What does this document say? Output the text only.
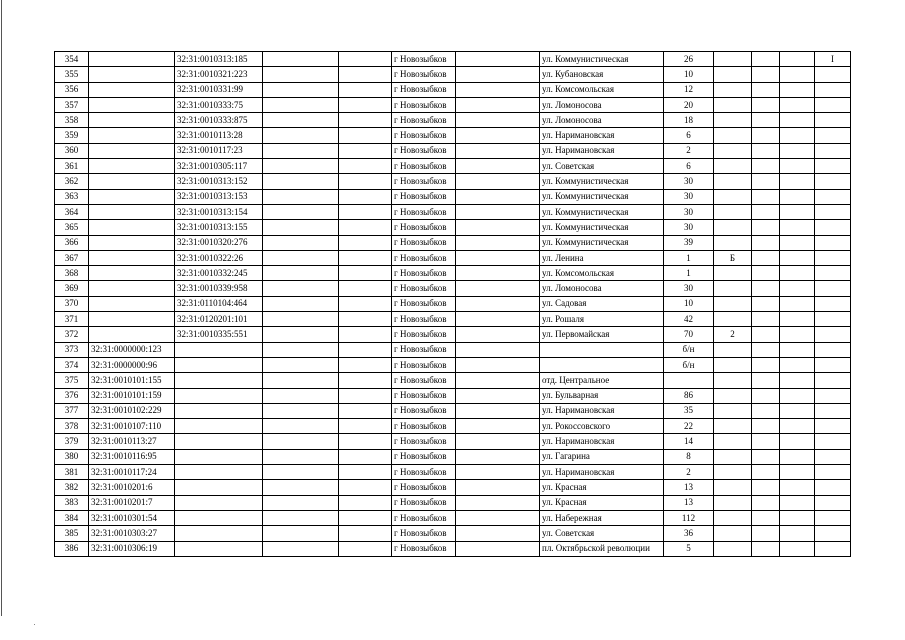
354		32:31:0010313:185			г Новозыбков		ул. Коммунистическая	26				I
355		32:31:0010321:223			г Новозыбков		ул. Кубановская	10				
356		32:31:0010331:99			г Новозыбков		ул. Комсомольская	12				
357		32:31:0010333:75			г Новозыбков		ул. Ломоносова	20				
358		32:31:0010333:875			г Новозыбков		ул. Ломоносова	18				
359		32:31:0010113:28			г Новозыбков		ул. Наримановская	6				
360		32:31:0010117:23			г Новозыбков		ул. Наримановская	2				
361		32:31:0010305:117			г Новозыбков		ул. Советская	6				
362		32:31:0010313:152			г Новозыбков		ул. Коммунистическая	30				
363		32:31:0010313:153			г Новозыбков		ул. Коммунистическая	30				
364		32:31:0010313:154			г Новозыбков		ул. Коммунистическая	30				
365		32:31:0010313:155			г Новозыбков		ул. Коммунистическая	30				
366		32:31:0010320:276			г Новозыбков		ул. Коммунистическая	39				
367		32:31:0010322:26			г Новозыбков		ул. Ленина	1	Б			
368		32:31:0010332:245			г Новозыбков		ул. Комсомольская	1				
369		32:31:0010339:958			г Новозыбков		ул. Ломоносова	30				
370		32:31:0110104:464			г Новозыбков		ул. Садовая	10				
371		32:31:0120201:101			г Новозыбков		ул. Рошаля	42				
372		32:31:0010335:551			г Новозыбков		ул. Первомайская	70	2			
373	32:31:0000000:123				г Новозыбков			б/н				
374	32:31:0000000:96				г Новозыбков			б/н				
375	32:31:0010101:155				г Новозыбков		отд. Центральное					
376	32:31:0010101:159				г Новозыбков		ул. Бульварная	86				
377	32:31:0010102:229				г Новозыбков		ул. Наримановская	35				
378	32:31:0010107:110				г Новозыбков		ул. Рокоссовского	22				
379	32:31:0010113:27				г Новозыбков		ул. Наримановская	14				
380	32:31:0010116:95				г Новозыбков		ул. Гагарина	8				
381	32:31:0010117:24				г Новозыбков		ул. Наримановская	2				
382	32:31:0010201:6				г Новозыбков		ул. Красная	13				
383	32:31:0010201:7				г Новозыбков		ул. Красная	13				
384	32:31:0010301:54				г Новозыбков		ул. Набережная	112				
385	32:31:0010303:27				г Новозыбков		ул. Советская	36				
386	32:31:0010306:19				г Новозыбков		пл. Октябрьской революции	5				
